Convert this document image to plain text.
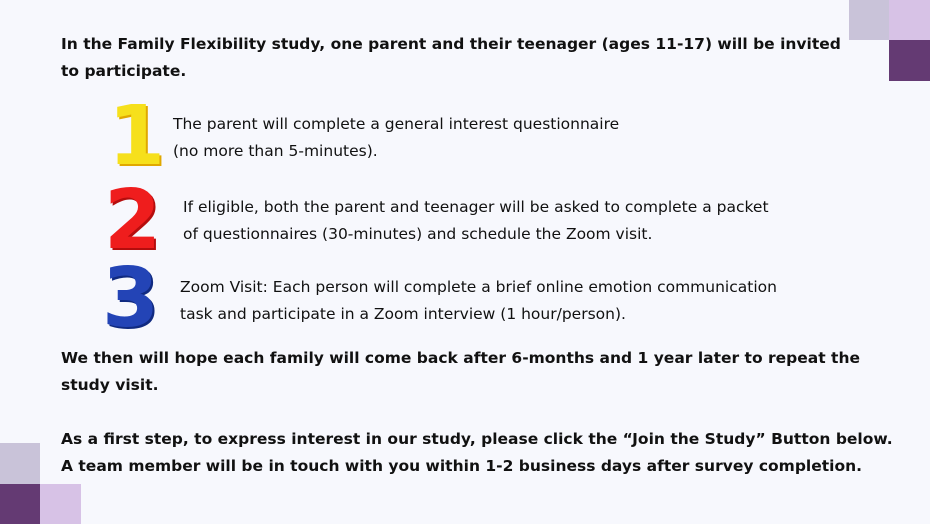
In the Family Flexibility study, one parent and their teenager (ages 11-17) will be invited
to participate.

1 The parent will complete a general interest questionnaire
(no more than 5-minutes).

2 If eligible, both the parent and teenager will be asked to complete a packet
of questionnaires (30-minutes) and schedule the Zoom visit.

3 Zoom Visit: Each person will complete a brief online emotion communication
task and participate in a Zoom interview (1 hour/person).

We then will hope each family will come back after 6-months and 1 year later to repeat the
study visit.

As a first step, to express interest in our study, please click the “Join the Study” Button below.
A team member will be in touch with you within 1-2 business days after survey completion.
